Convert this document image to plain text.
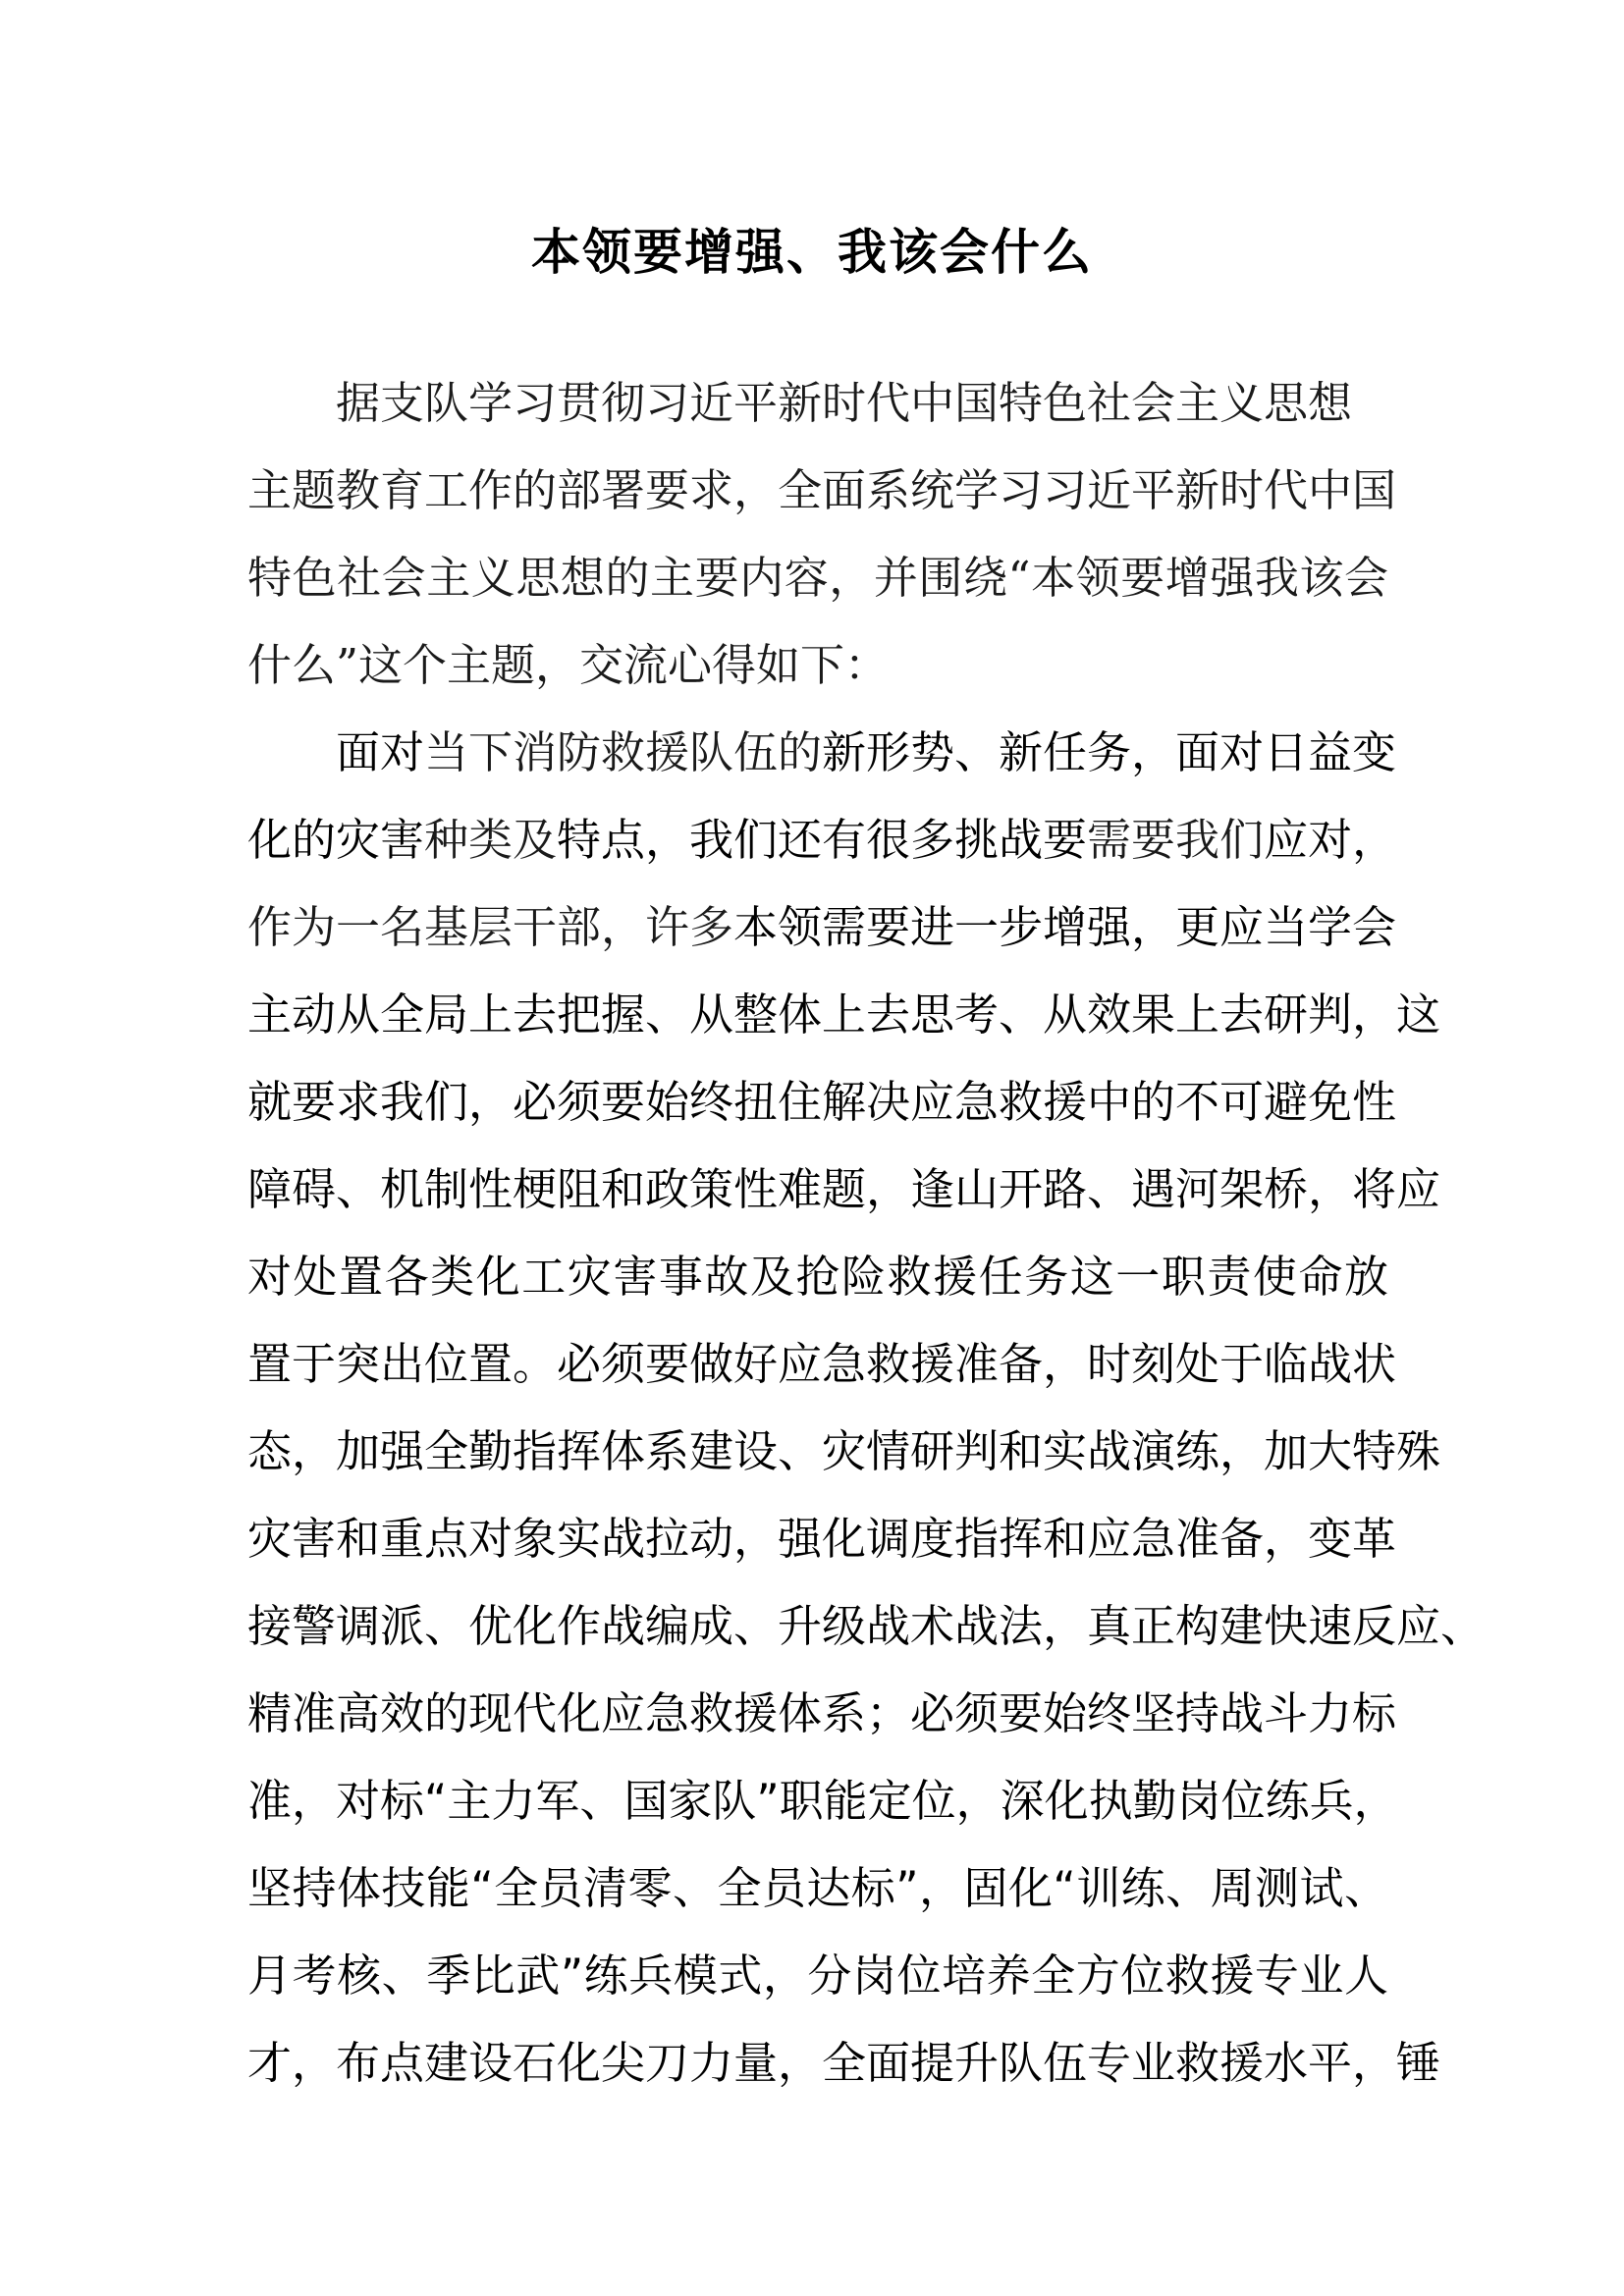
本领要增强、我该会什么
据支队学习贯彻习近平新时代中国特色社会主义思想
主题教育工作的部署要求，全面系统学习习近平新时代中国
特色社会主义思想的主要内容，并围绕“本领要增强我该会
什么”这个主题，交流心得如下：
面对当下消防救援队伍的新形势、新任务，面对日益变
化的灾害种类及特点，我们还有很多挑战要需要我们应对，
作为一名基层干部，许多本领需要进一步增强，更应当学会
主动从全局上去把握、从整体上去思考、从效果上去研判，这
就要求我们，必须要始终扭住解决应急救援中的不可避免性
障碍、机制性梗阻和政策性难题，逢山开路、遇河架桥，将应
对处置各类化工灾害事故及抢险救援任务这一职责使命放
置于突出位置。必须要做好应急救援准备，时刻处于临战状
态，加强全勤指挥体系建设、灾情研判和实战演练，加大特殊
灾害和重点对象实战拉动，强化调度指挥和应急准备，变革
接警调派、优化作战编成、升级战术战法，真正构建快速反应、
精准高效的现代化应急救援体系；必须要始终坚持战斗力标
准，对标“主力军、国家队”职能定位，深化执勤岗位练兵，
坚持体技能“全员清零、全员达标”，固化“训练、周测试、
月考核、季比武”练兵模式，分岗位培养全方位救援专业人
才，布点建设石化尖刀力量，全面提升队伍专业救援水平，锤
